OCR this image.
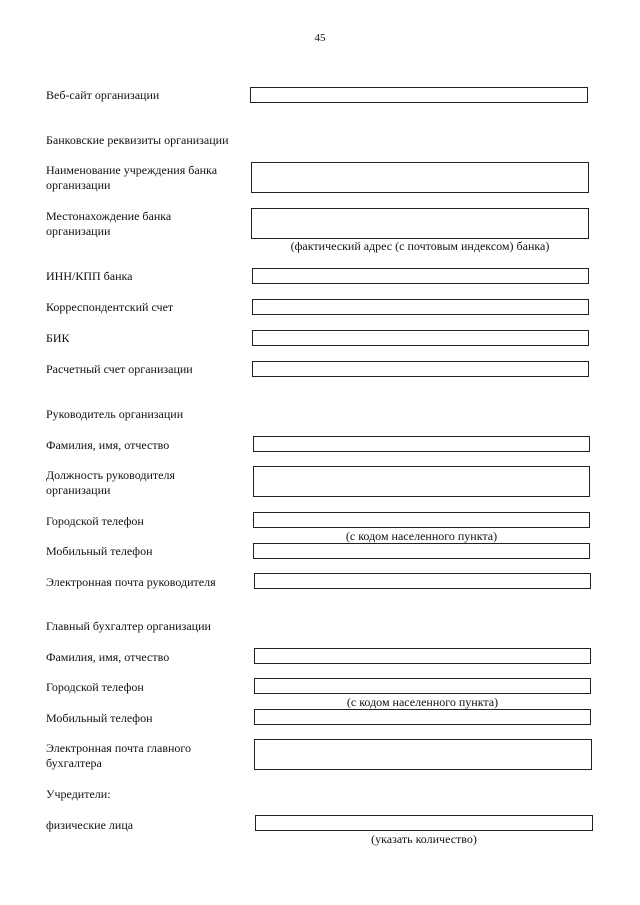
45
Веб-сайт организации
Банковские реквизиты организации
Наименование учреждения банка организации
Местонахождение банка организации
(фактический адрес (с почтовым индексом) банка)
ИНН/КПП банка
Корреспондентский счет
БИК
Расчетный счет организации
Руководитель организации
Фамилия, имя, отчество
Должность руководителя организации
Городской телефон
(с кодом населенного пункта)
Мобильный телефон
Электронная почта руководителя
Главный бухгалтер организации
Фамилия, имя, отчество
Городской телефон
(с кодом населенного пункта)
Мобильный телефон
Электронная почта главного бухгалтера
Учредители:
физические лица
(указать количество)
